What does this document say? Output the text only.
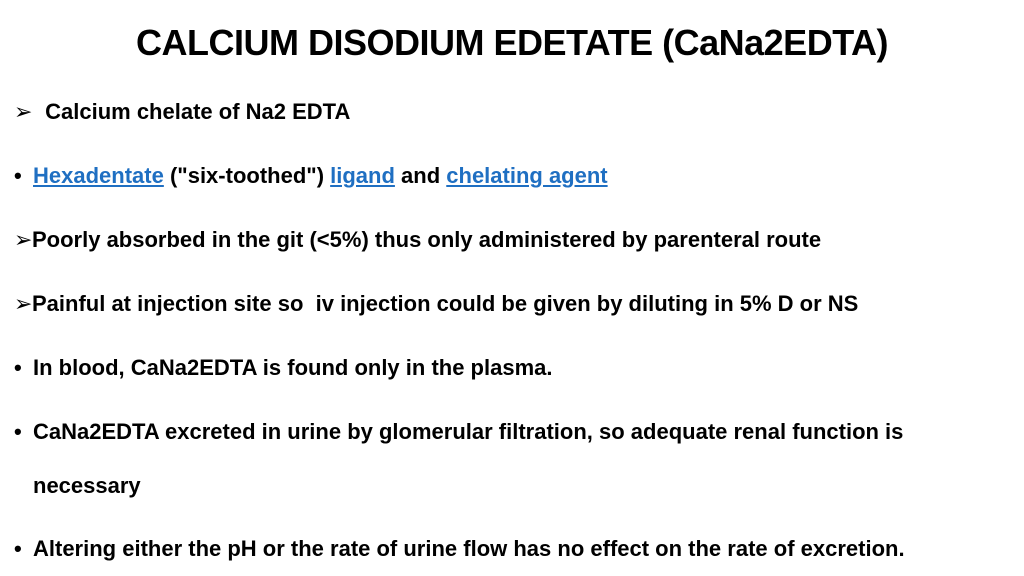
CALCIUM DISODIUM EDETATE (CaNa2EDTA)
➢ Calcium chelate of Na2 EDTA
• Hexadentate ("six-toothed") ligand and chelating agent
➢Poorly absorbed in the git (<5%) thus only administered by parenteral route
➢Painful at injection site so  iv injection could be given by diluting in 5% D or NS
• In blood, CaNa2EDTA is found only in the plasma.
• CaNa2EDTA excreted in urine by glomerular filtration, so adequate renal function is
necessary
• Altering either the pH or the rate of urine flow has no effect on the rate of excretion.
